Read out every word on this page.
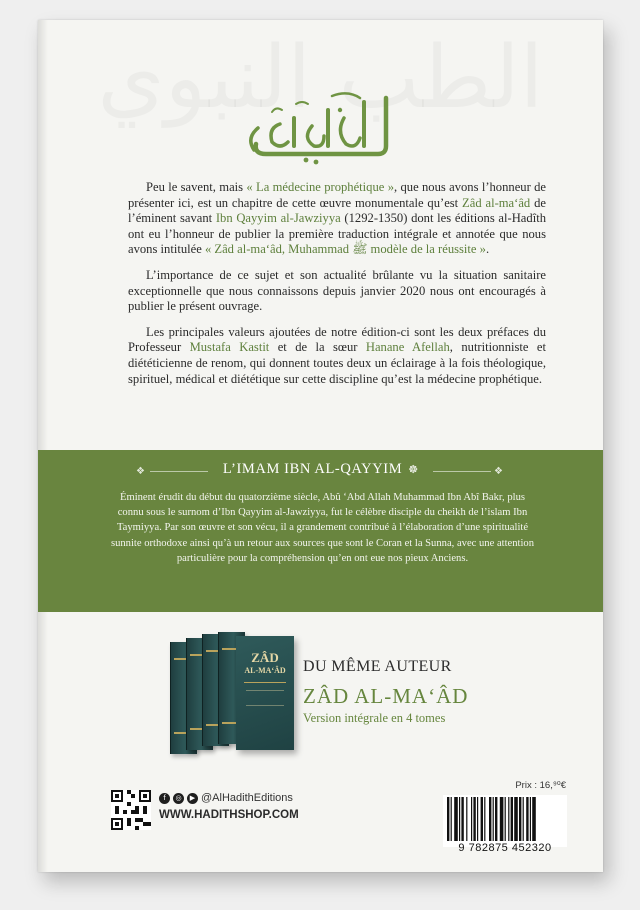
Peu le savent, mais « La médecine prophétique », que nous avons l’honneur de présenter ici, est un chapitre de cette œuvre monumentale qu’est Zâd al-ma‘âd de l’éminent savant Ibn Qayyim al-Jawziyya (1292-1350) dont les éditions al-Hadîth ont eu l’honneur de publier la première traduction intégrale et annotée que nous avons intitulée « Zâd al-ma‘âd, Muhammad ﷺ modèle de la réussite ».

L’importance de ce sujet et son actualité brûlante vu la situation sanitaire exceptionnelle que nous connaissons depuis janvier 2020 nous ont encouragés à publier le présent ouvrage.

Les principales valeurs ajoutées de notre édition-ci sont les deux préfaces du Professeur Mustafa Kastit et de la sœur Hanane Afellah, nutritionniste et diététicienne de renom, qui donnent toutes deux un éclairage à la fois théologique, spirituel, médical et diététique sur cette discipline qu’est la médecine prophétique.

❖	L’IMAM IBN AL-QAYYIM ☸	❖
Éminent érudit du début du quatorzième siècle, Abû ‘Abd Allah Muhammad Ibn Abî Bakr, plus connu sous le surnom d’Ibn Qayyim al-Jawziyya, fut le célèbre disciple du cheikh de l’islam Ibn Taymiyya. Par son œuvre et son vécu, il a grandement contribué à l’élaboration d’une spiritualité sunnite orthodoxe ainsi qu’à un retour aux sources que sont le Coran et la Sunna, avec une attention particulière pour la compréhension qu’en ont eue nos pieux Anciens.
ZÂD
AL-MA‘ÂD	DU MÊME AUTEUR
ZÂD AL-MA‘ÂD
Version intégrale en 4 tomes
f	◎	▶ @AlHadithEditions
WWW.HADITHSHOP.COM
Prix : 16,⁹⁰€
9 782875 452320
